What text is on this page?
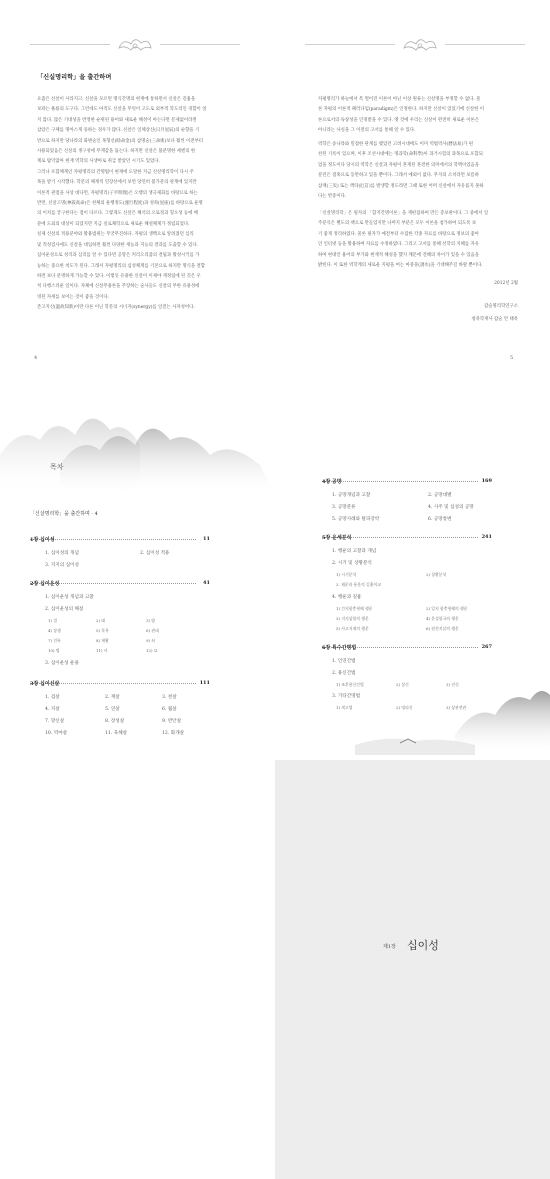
「신실명리학」을 출간하며
요즘은 신살이 사라지고, 신살을 모르면 명식간명의 현재에 통하면서 신살은 길흉을
보좌는 훌륭의 도구다. 그런데도 아직도 신살을 무엇이 고도로 외부적 학도리인 경합이 얼
지 않다. 많은 기대성을 반영한 순위된 용어와 새로운 해성이 아는다면 문제없이라면
삼았은 구체를 명아스게 풍하는 경우가 많다. 신살은 일체상신(日月星辰)의 순향을 기
반으로 하지만 당나라의 화변술인 목형신(睦命金)의 삼명술(三命術)보다 훨씬 이전부터
사용되었음은 신살의 생구성에 무계감을 돕는다. 하지만 신살은 불분명한 세엔의 한
계로 탐익않아 현재 역학의 사생아로 취급 받았던 시기도 있었다.
그러나 포함체계인 자평명리의 간명법이 현재에 도달한 지금 신살명리학이 다시 주
목을 받기 시작했다. 학문의 체계적 연장선에서 보면 당연히 불가분의 관계에 있지만
이론적 관점을 사상 대다면, 자평명리(子平明理)은 오행의 생극제화를 바탕으로 하는
반면, 신살고명(神殺高命)은 천체의 운행정도(運行程度)과 성좌(星座)를 바탕으로 운명
의 이치를 궁구한다는 점이 다르다. 그렇게도 신살은 해석의 오로정과 형오성 등에 배
분에 도외의 대상이 되었지만 지금 실로채학으로 새로운 해설체계가 정립되었다.
실제 신살의 적용분야와 활용범위는 무궁무진하다. 자평의 생백으로 알려졌던 심리
및 적성검사에도 신살을 대입하면 훨씬 다양한 재능과 지능의 결과를 도출할 수 있다.
십이운성으로 성격과 심리를 알 수 있다면 공망은 커리오리즘의 결핍과 활성시키를 가
능하는 중요한 척도가 된다. 그래서 자평명리의 십성체계를 기본으로 하지만 명식을 결합
하면 보다 분명하게 가능할 수 있다. 이렇듯 유용한 신살이 이제야 재정립에 된 것은 우
척 다행스러운 일이다. 자체에 신살무용론을 주장하는 술사들도 신살의 무한 유용성에
영된 자세를 보이는 것이 좋을 것이다.
존고지신(溫故知新)이란 다른 이닌 학문의 시너지(synergy)를 일컫는 사자성어다.
4
자평명리가 하늘에서 특 떨어진 이론이 아닌 이상 원류는 신살명을 부정할 수 없다. 물
론 자평의 이론적 패러다임(paradigm)은 인정한다. 하지만 신살이 있었기에 신살한 이
론으로서의 독창성을 인정받을 수 있다. 옛 것에 우리는 신살이 완전히 새로운 이론은
아니라는 사실을 그 이전의 고서를 통해 알 수 있다.
역학은 송나라와 밀접한 관계를 맺었던 고려시대에도 이미 역법역사(暦法易)가 편
찬된 기록이 있으며, 이후 조선시대에는 명과학(命科學)이 과거시험의 과목으로 포함되
었을 정도이다 당시의 역학은 신살과 자평이 혼재된 혼전한 의미에서의 학맥이었음을
분린은 점혹으로 동반하고 있을 뿐이다. 그래서 예외이 없다. 무지의 소치라면 보름하
삼재(三災) 또는 액타(厄訂)를 발생할 정도라면 그때 또한 어머 신살에서 자유롭지 못하
다는 반증이다.
「신살명리학」은 필자의 「함지간명이론」을 재편집하여 만든 증보판이다. 그 중에서 일
주분석은 별도의 책으로 만들었지만 나머지 부분은 모두 이론을 첨가하여 되도록 보
기 좋게 정리하였다. 물론 필자가 예전부터 수집한 각종 자료를 바탕으로 정보의 좋아
인 인터넷 등을 활용하여 자료를 수정하였다. 그리고 고서를 통해 선학의 지혜를 자유
하여 현대인 용어의 부가와 현재적 해성을 했지 깨문에 견해의 차이가 있을 수 있음을
밝힌다. 이 또한 역학계의 새로운 지평을 여는 마중물(誘水)을 기대해주길 바랄 뿐이다.
2012년 2월
갑술명리학연구소
청죽학재사 갑술 안 태옥
5
목차
「신살명리학」을 출간하며 · 4
1장 십이성	11
1. 십이성의 개념	2. 십이성 적용
3. 지지의 십이성
2장 십이운성	41
1. 십이운성 개념과 고찰
2. 십이운성의 해설
1) 절	2) 태	3) 양
4) 장생	5) 목욕	6) 관대
7) 건록	8) 제왕	9) 쇠
10) 병	11) 사	12) 묘
3. 십이운성 운용
3장 십이신살	111
1. 겁살	2. 재살	3. 천살
4. 지살	5. 연살	6. 월살
7. 망신살	8. 장성살	9. 반안살
10. 역마살	11. 육해살	12. 화개살
4장 공망	169
1. 공망개념과 고찰	2. 공망대별
3. 공망분류	4. 사주 및 십성의 공망
5. 공망사례와 탈피강약	6. 공망통변
5장 운세분석	241
1. 행운의 고찰과 개념
2. 시기 및 상황분석
1) 시기분석	2) 상황분석
3. 제운과 용운의 길흉이교
4. 행운과 길흉
1) 간지합충형해 행운	2) 일지 합충형해의 행운
3) 지지삼합의 행운	4) 운성합국의 행운
5) 사고지재의 행운	6) 원진지살의 행운
6장 특수간명법	267
1. 인연간법
2. 용신간법
1) 조후용신간법	2) 상신	3) 진신
3. 기타간명법
1) 게고법	2) 명리신	3) 상관견관
제1장 십이성
